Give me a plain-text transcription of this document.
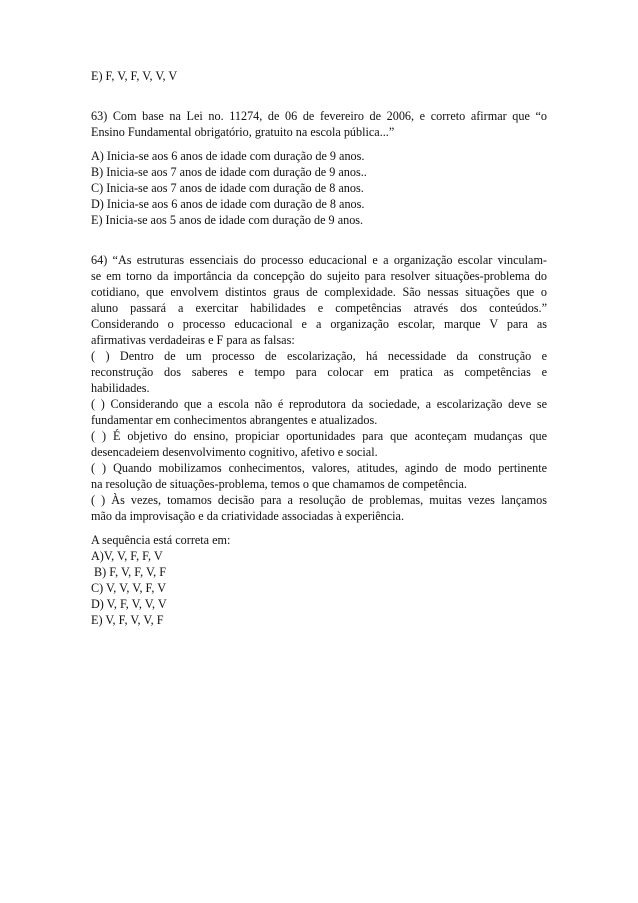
E) F, V, F, V, V, V
63) Com base na Lei no. 11274, de 06 de fevereiro de 2006, e correto afirmar que “o
Ensino Fundamental obrigatório, gratuito na escola pública...”
A) Inicia-se aos 6 anos de idade com duração de 9 anos.
B) Inicia-se aos 7 anos de idade com duração de 9 anos..
C) Inicia-se aos 7 anos de idade com duração de 8 anos.
D) Inicia-se aos 6 anos de idade com duração de 8 anos.
E) Inicia-se aos 5 anos de idade com duração de 9 anos.
64) “As estruturas essenciais do processo educacional e a organização escolar vinculam-
se em torno da importância da concepção do sujeito para resolver situações-problema do
cotidiano, que envolvem distintos graus de complexidade. São nessas situações que o
aluno passará a exercitar habilidades e competências através dos conteúdos.”
Considerando o processo educacional e a organização escolar, marque V para as
afirmativas verdadeiras e F para as falsas:
( ) Dentro de um processo de escolarização, há necessidade da construção e
reconstrução dos saberes e tempo para colocar em pratica as competências e
habilidades.
( ) Considerando que a escola não é reprodutora da sociedade, a escolarização deve se
fundamentar em conhecimentos abrangentes e atualizados.
( ) É objetivo do ensino, propiciar oportunidades para que aconteçam mudanças que
desencadeiem desenvolvimento cognitivo, afetivo e social.
( ) Quando mobilizamos conhecimentos, valores, atitudes, agindo de modo pertinente
na resolução de situações-problema, temos o que chamamos de competência.
( ) Às vezes, tomamos decisão para a resolução de problemas, muitas vezes lançamos
mão da improvisação e da criatividade associadas à experiência.
A sequência está correta em:
A)V, V, F, F, V
B) F, V, F, V, F
C) V, V, V, F, V
D) V, F, V, V, V
E) V, F, V, V, F
